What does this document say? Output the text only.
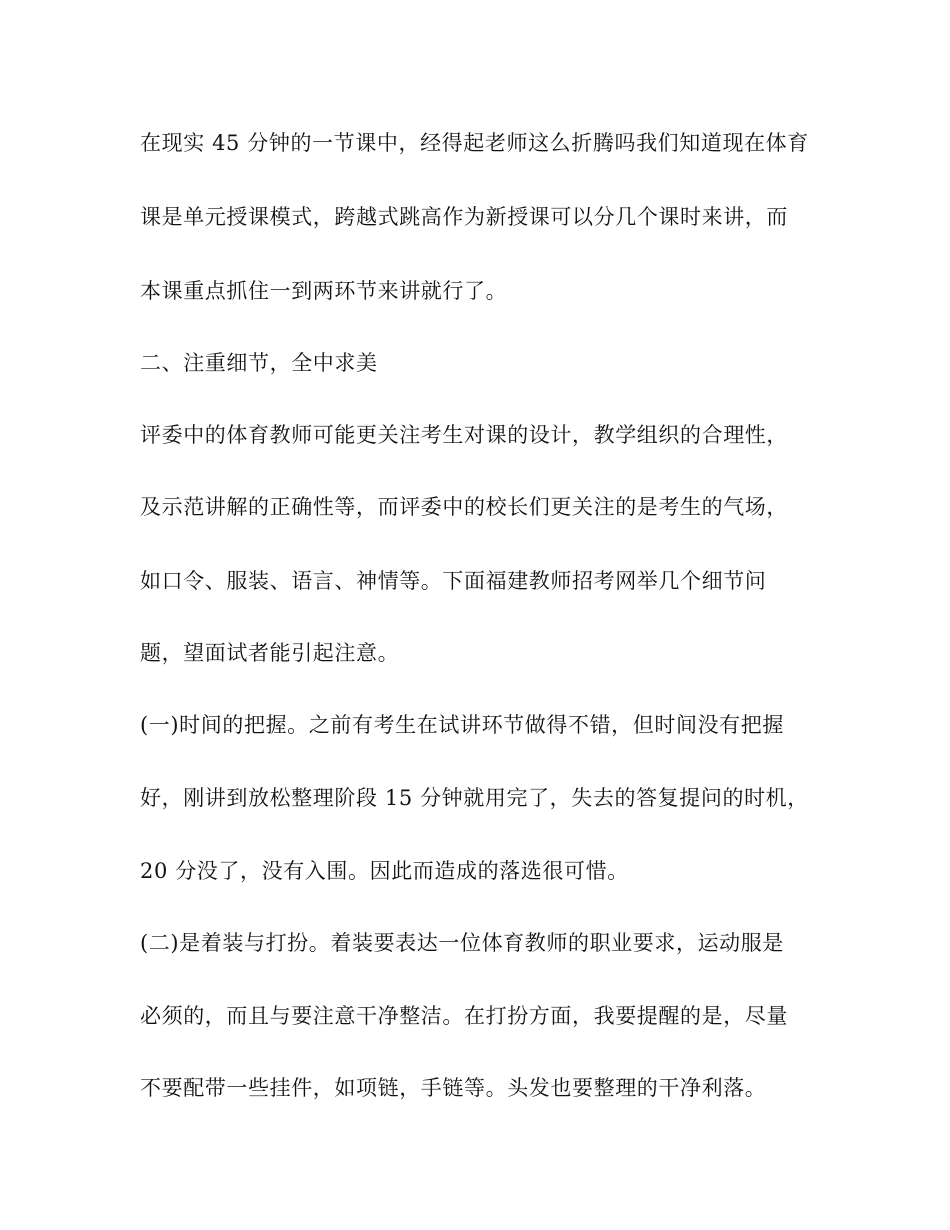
在现实 45 分钟的一节课中，经得起老师这么折腾吗我们知道现在体育
课是单元授课模式，跨越式跳高作为新授课可以分几个课时来讲，而
本课重点抓住一到两环节来讲就行了。
二、注重细节，全中求美
评委中的体育教师可能更关注考生对课的设计，教学组织的合理性，
及示范讲解的正确性等，而评委中的校长们更关注的是考生的气场，
如口令、服装、语言、神情等。下面福建教师招考网举几个细节问
题，望面试者能引起注意。
(一)时间的把握。之前有考生在试讲环节做得不错，但时间没有把握
好，刚讲到放松整理阶段 15 分钟就用完了，失去的答复提问的时机，
20 分没了，没有入围。因此而造成的落选很可惜。
(二)是着装与打扮。着装要表达一位体育教师的职业要求，运动服是
必须的，而且与要注意干净整洁。在打扮方面，我要提醒的是，尽量
不要配带一些挂件，如项链，手链等。头发也要整理的干净利落。
